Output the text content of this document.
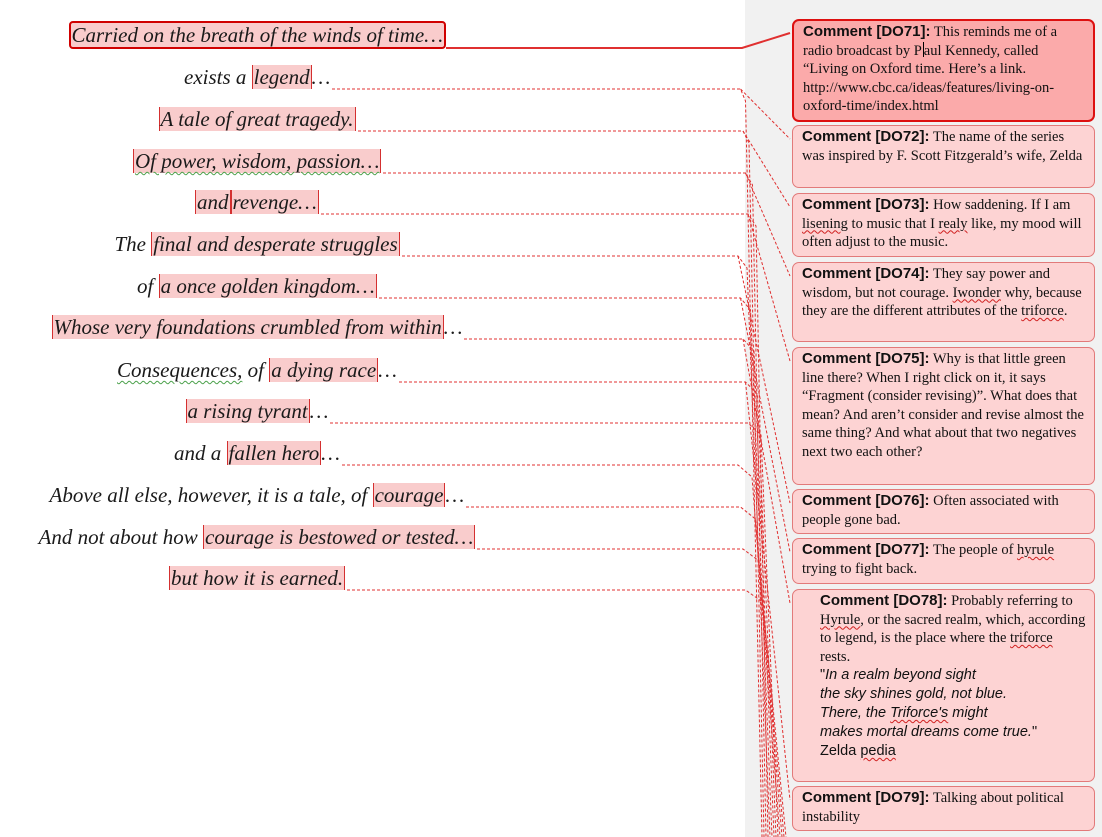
Carried on the breath of the winds of time…
exists a legend…
A tale of great tragedy.
Of power, wisdom, passion…
and revenge…
The final and desperate struggles
of a once golden kingdom…
Whose very foundations crumbled from within…
Consequences, of a dying race…
a rising tyrant…
and a fallen hero…
Above all else, however, it is a tale, of courage…
And not about how courage is bestowed or tested…
but how it is earned.
Comment [DO71]: This reminds me of a radio broadcast by P aul Kennedy, called “Living on Oxford time. Here’s a link. http://www.cbc.ca/ideas/features/living-on-oxford-time/index.html
Comment [DO72]: The name of the series was inspired by F. Scott Fitzgerald’s wife, Zelda
Comment [DO73]: How saddening. If I am lisening to music that I realy like, my mood will often adjust to the music.
Comment [DO74]: They say power and wisdom, but not courage. Iwonder why, because they are the different attributes of the triforce.
Comment [DO75]: Why is that little green line there? When I right click on it, it says “Fragment (consider revising)”. What does that mean? And aren’t consider and revise almost the same thing? And what about that two negatives next two each other?
Comment [DO76]: Often associated with people gone bad.
Comment [DO77]: The people of hyrule trying to fight back.
Comment [DO78]: Probably referring to Hyrule, or the sacred realm, which, according to legend, is the place where the triforce rests.
"In a realm beyond sight
the sky shines gold, not blue.
There, the Triforce's might
makes mortal dreams come true."
Zelda pedia
Comment [DO79]: Talking about political instability
